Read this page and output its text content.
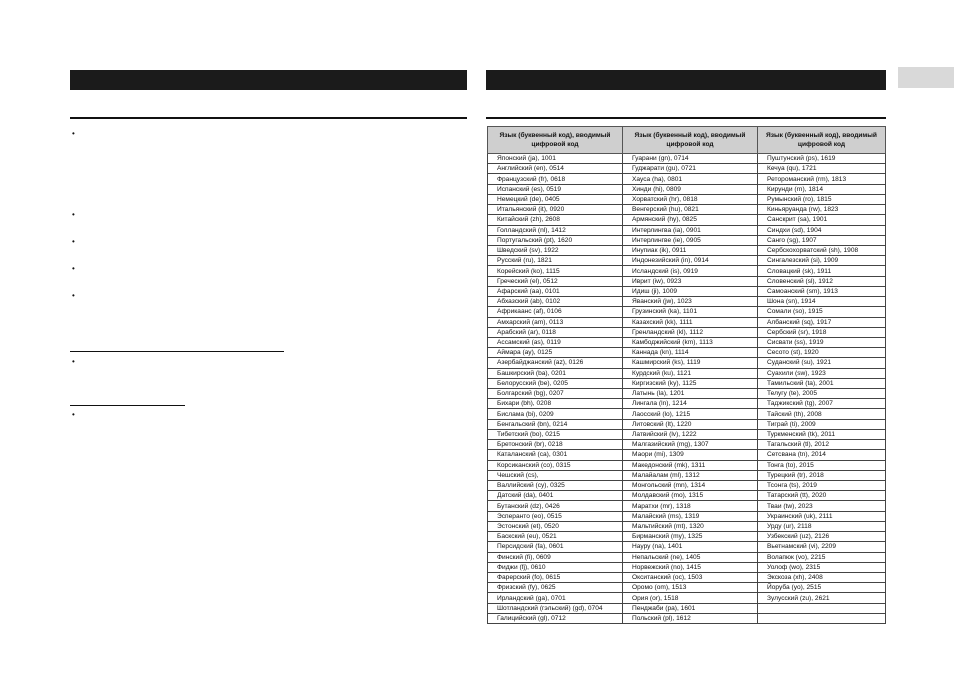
•
•
•
•
•
•
•
Язык (буквенный код), вводимый цифровой код	Язык (буквенный код), вводимый цифровой код	Язык (буквенный код), вводимый цифровой код
Японский (ja), 1001	Гуарани (gn), 0714	Пуштунский (ps), 1619
Английский (en), 0514	Гуджарати (gu), 0721	Кечуа (qu), 1721
Французский (fr), 0618	Хауса (ha), 0801	Ретороманский (rm), 1813
Испанский (es), 0519	Хинди (hi), 0809	Кирунди (rn), 1814
Немецкий (de), 0405	Хорватский (hr), 0818	Румынский (ro), 1815
Итальянский (it), 0920	Венгерский (hu), 0821	Киньяруанда (rw), 1823
Китайский (zh), 2608	Армянский (hy), 0825	Санскрит (sa), 1901
Голландский (nl), 1412	Интерлингва (ia), 0901	Синдхи (sd), 1904
Португальский (pt), 1620	Интерлингве (ie), 0905	Санго (sg), 1907
Шведский (sv), 1922	Инупиак (ik), 0911	Сербскохорватский (sh), 1908
Русский (ru), 1821	Индонезийский (in), 0914	Сингалезский (si), 1909
Корейский (ko), 1115	Исландский (is), 0919	Словацкий (sk), 1911
Греческий (el), 0512	Иврит (iw), 0923	Словенский (sl), 1912
Афарский (aa), 0101	Идиш (ji), 1009	Самоанский (sm), 1913
Абхазский (ab), 0102	Яванский (jw), 1023	Шона (sn), 1914
Африкаанс (af), 0106	Грузинский (ka), 1101	Сомали (so), 1915
Амхарский (am), 0113	Казахский (kk), 1111	Албанский (sq), 1917
Арабский (ar), 0118	Гренландский (kl), 1112	Сербский (sr), 1918
Ассамский (as), 0119	Камбоджийский (km), 1113	Сисвати (ss), 1919
Аймара (ay), 0125	Каннада (kn), 1114	Сесото (st), 1920
Азербайджанский (az), 0126	Кашмирский (ks), 1119	Суданский (su), 1921
Башкирский (ba), 0201	Курдский (ku), 1121	Суахили (sw), 1923
Белорусский (be), 0205	Киргизский (ky), 1125	Тамильский (ta), 2001
Болгарский (bg), 0207	Латынь (la), 1201	Телугу (te), 2005
Бихари (bh), 0208	Лингала (ln), 1214	Таджикский (tg), 2007
Бислама (bi), 0209	Лаосский (lo), 1215	Тайский (th), 2008
Бенгальский (bn), 0214	Литовский (lt), 1220	Тигрaй (ti), 2009
Тибетский (bo), 0215	Латвийский (lv), 1222	Туркменский (tk), 2011
Бретонский (br), 0218	Малгазийский (mg), 1307	Тагальский (tl), 2012
Каталанский (ca), 0301	Маори (mi), 1309	Сетсвана (tn), 2014
Корсиканский (co), 0315	Македонский (mk), 1311	Тонга (to), 2015
Чешский (cs),	Малайалам (ml), 1312	Турецкий (tr), 2018
Валлийский (cy), 0325	Монгольский (mn), 1314	Тсонга (ts), 2019
Датский (da), 0401	Молдавский (mo), 1315	Татарский (tt), 2020
Бутанский (dz), 0426	Маратхи (mr), 1318	Тваи (tw), 2023
Эсперанто (eo), 0515	Малайский (ms), 1319	Украинский (uk), 2111
Эстонский (et), 0520	Мальтийский (mt), 1320	Урду (ur), 2118
Баскский (eu), 0521	Бирманский (my), 1325	Узбекский (uz), 2126
Персидский (fa), 0601	Науру (na), 1401	Вьетнамский (vi), 2209
Финский (fi), 0609	Непальский (ne), 1405	Волапюк (vo), 2215
Фиджи (fj), 0610	Норвежский (no), 1415	Уолоф (wo), 2315
Фарерский (fo), 0615	Окситанский (oc), 1503	Экскоза (xh), 2408
Фризский (fy), 0625	Оромо (om), 1513	Йоруба (yo), 2515
Ирландский (ga), 0701	Ория (or), 1518	Зулусский (zu), 2621
Шотландский (гэльский) (gd), 0704	Пенджаби (pa), 1601	
Галицийский (gl), 0712	Польский (pl), 1612	
